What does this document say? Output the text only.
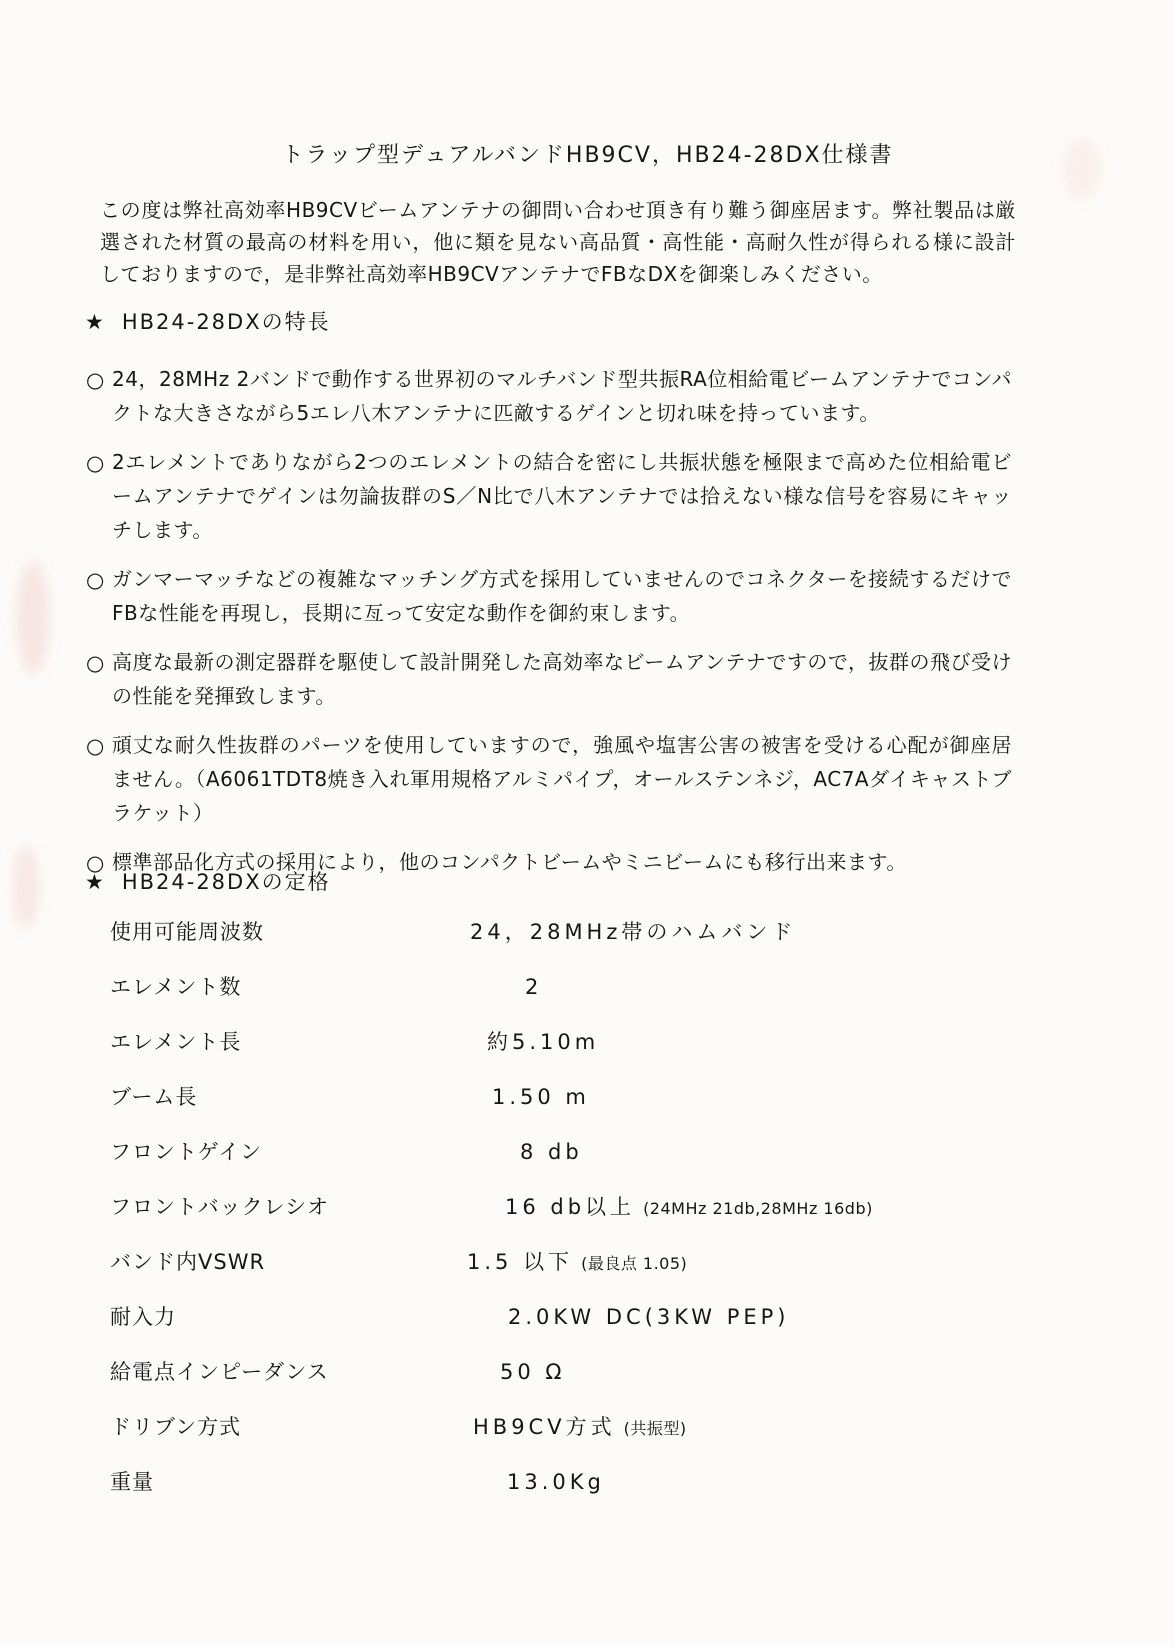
トラップ型デュアルバンドHB9CV，HB24-28DX仕様書
この度は弊社高効率HB9CVビームアンテナの御問い合わせ頂き有り難う御座居ます。弊社製品は厳選された材質の最高の材料を用い，他に類を見ない高品質・高性能・高耐久性が得られる様に設計しておりますので，是非弊社高効率HB9CVアンテナでFBなDXを御楽しみください。
★ HB24-28DXの特長
○ 24，28MHz 2バンドで動作する世界初のマルチバンド型共振RA位相給電ビームアンテナでコンパクトな大きさながら5エレ八木アンテナに匹敵するゲインと切れ味を持っています。
○ 2エレメントでありながら2つのエレメントの結合を密にし共振状態を極限まで高めた位相給電ビームアンテナでゲインは勿論抜群のS／N比で八木アンテナでは拾えない様な信号を容易にキャッチします。
○ ガンマーマッチなどの複雑なマッチング方式を採用していませんのでコネクターを接続するだけでFBな性能を再現し，長期に亙って安定な動作を御約束します。
○ 高度な最新の測定器群を駆使して設計開発した高効率なビームアンテナですので，抜群の飛び受けの性能を発揮致します。
○ 頑丈な耐久性抜群のパーツを使用していますので，強風や塩害公害の被害を受ける心配が御座居ません。（A6061TDT8焼き入れ軍用規格アルミパイプ，オールステンネジ，AC7Aダイキャストブラケット）
○ 標準部品化方式の採用により，他のコンパクトビームやミニビームにも移行出来ます。
★ HB24-28DXの定格
使用可能周波数	24，28MHz帯のハムバンド
エレメント数	2
エレメント長	約5.10m
ブーム長	1.50 m
フロントゲイン	8 db
フロントバックレシオ	16 db以上 (24MHz 21db,28MHz 16db)
バンド内VSWR	1.5 以下 (最良点 1.05)
耐入力	2.0KW DC(3KW PEP)
給電点インピーダンス	50 Ω
ドリブン方式	HB9CV方式 (共振型)
重量	13.0Kg
